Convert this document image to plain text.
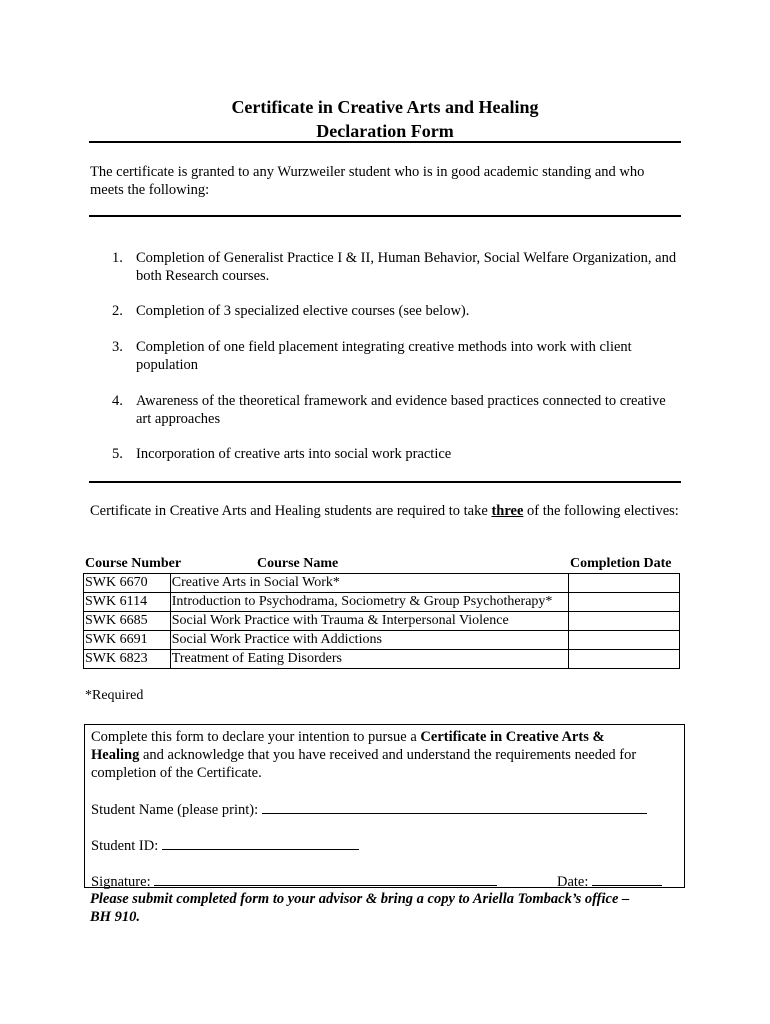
Certificate in Creative Arts and Healing
Declaration Form
The certificate is granted to any Wurzweiler student who is in good academic standing and who meets the following:
1. Completion of Generalist Practice I & II, Human Behavior, Social Welfare Organization, and both Research courses.
2. Completion of 3 specialized elective courses (see below).
3. Completion of one field placement integrating creative methods into work with client population
4. Awareness of the theoretical framework and evidence based practices connected to creative art approaches
5. Incorporation of creative arts into social work practice
Certificate in Creative Arts and Healing students are required to take three of the following electives:
Course Number	Course Name	Completion Date
SWK 6670	Creative Arts in Social Work*	
SWK 6114	Introduction to Psychodrama, Sociometry & Group Psychotherapy*	
SWK 6685	Social Work Practice with Trauma & Interpersonal Violence	
SWK 6691	Social Work Practice with Addictions	
SWK 6823	Treatment of Eating Disorders	
*Required
Complete this form to declare your intention to pursue a Certificate in Creative Arts &
Healing and acknowledge that you have received and understand the requirements needed for
completion of the Certificate.
Student Name (please print):
Student ID:
Signature:	Date:
Please submit completed form to your advisor & bring a copy to Ariella Tomback’s office –
BH 910.
